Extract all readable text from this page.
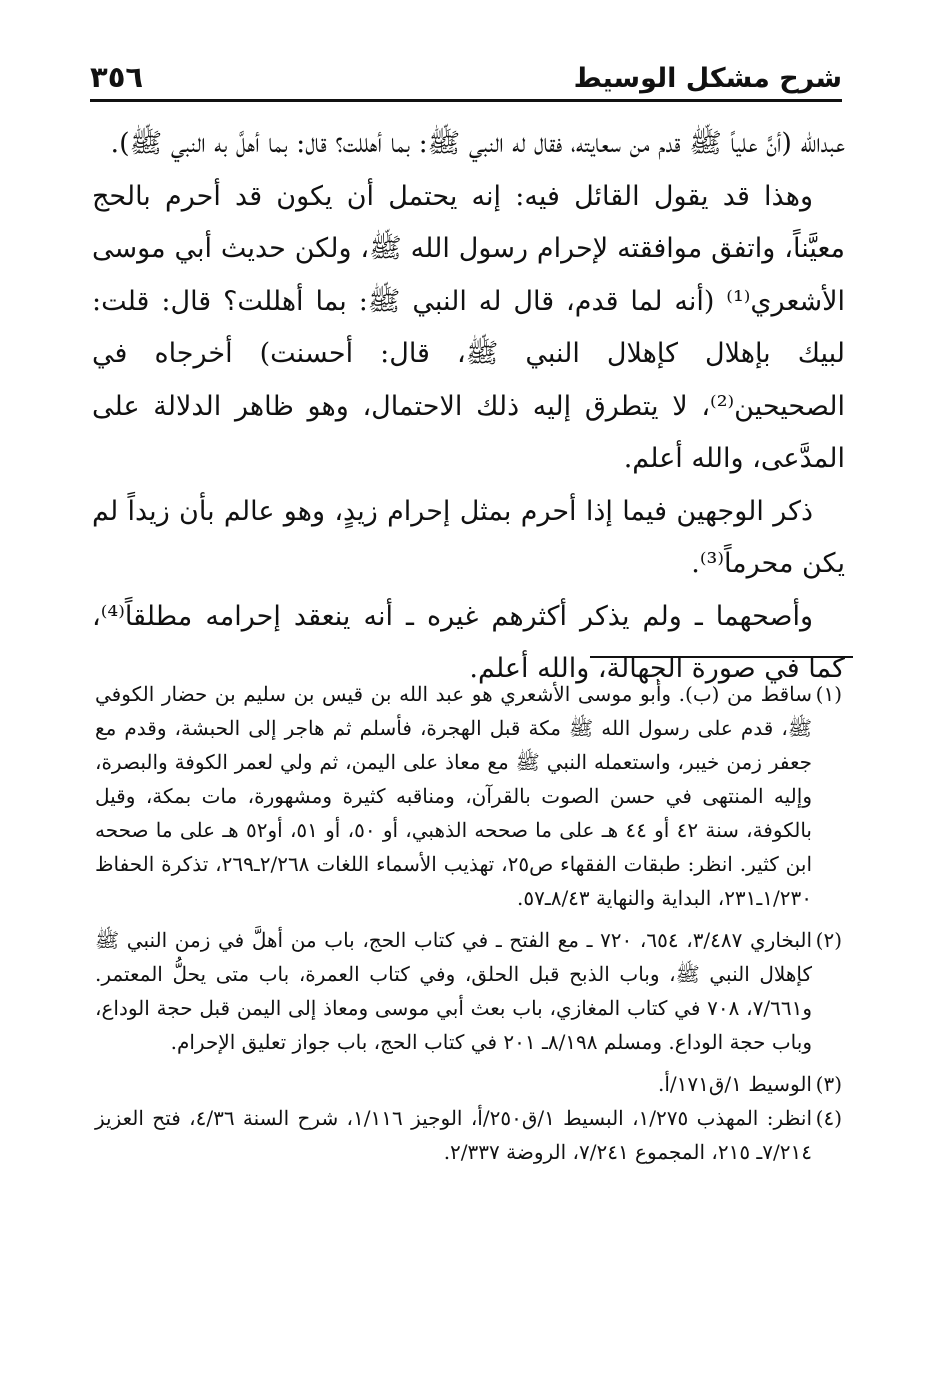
شرح مشكل الوسيط
٣٥٦

عبدالله (أنَّ علياً ﷺ قدم من سعايته، فقال له النبي ﷺ: بما أهللت؟ قال: بما أهلَّ به النبي ﷺ).

وهذا قد يقول القائل فيه: إنه يحتمل أن يكون قد أحرم بالحج معيَّناً، واتفق موافقته لإحرام رسول الله ﷺ، ولكن حديث أبي موسى الأشعري⁽¹⁾ (أنه لما قدم، قال له النبي ﷺ: بما أهللت؟ قال: قلت: لبيك بإهلال كإهلال النبي ﷺ، قال: أحسنت) أخرجاه في الصحيحين⁽²⁾، لا يتطرق إليه ذلك الاحتمال، وهو ظاهر الدلالة على المدَّعى، والله أعلم.

ذكر الوجهين فيما إذا أحرم بمثل إحرام زيدٍ، وهو عالم بأن زيداً لم يكن محرماً⁽³⁾.

وأصحهما ـ ولم يذكر أكثرهم غيره ـ أنه ينعقد إحرامه مطلقاً⁽⁴⁾، كما في صورة الجهالة، والله أعلم.

(١)
ساقط من (ب). وأبو موسى الأشعري هو عبد الله بن قيس بن سليم بن حضار الكوفي ﷺ، قدم على رسول الله ﷺ مكة قبل الهجرة، فأسلم ثم هاجر إلى الحبشة، وقدم مع جعفر زمن خيبر، واستعمله النبي ﷺ مع معاذ على اليمن، ثم ولي لعمر الكوفة والبصرة، وإليه المنتهى في حسن الصوت بالقرآن، ومناقبه كثيرة ومشهورة، مات بمكة، وقيل بالكوفة، سنة ٤٢ أو ٤٤ هـ على ما صححه الذهبي، أو ٥٠، أو ٥١، أو٥٢ هـ على ما صححه ابن كثير. انظر: طبقات الفقهاء ص٢٥، تهذيب الأسماء اللغات ٢/٢٦٨ـ٢٦٩، تذكرة الحفاظ ١/٢٣٠ـ٢٣١، البداية والنهاية ٨/٤٣ـ٥٧.
(٢)
البخاري ٣/٤٨٧، ٦٥٤، ٧٢٠ ـ مع الفتح ـ في كتاب الحج، باب من أهلَّ في زمن النبي ﷺ كإهلال النبي ﷺ، وباب الذبح قبل الحلق، وفي كتاب العمرة، باب متى يحلُّ المعتمر. و٧/٦٦١، ٧٠٨ في كتاب المغازي، باب بعث أبي موسى ومعاذ إلى اليمن قبل حجة الوداع، وباب حجة الوداع. ومسلم ٨/١٩٨ـ ٢٠١ في كتاب الحج، باب جواز تعليق الإحرام.
(٣)
الوسيط ١/ق١٧١/أ.
(٤)
انظر: المهذب ١/٢٧٥، البسيط ١/ق٢٥٠/أ، الوجيز ١/١١٦، شرح السنة ٤/٣٦، فتح العزيز ٧/٢١٤ـ ٢١٥، المجموع ٧/٢٤١، الروضة ٢/٣٣٧.
